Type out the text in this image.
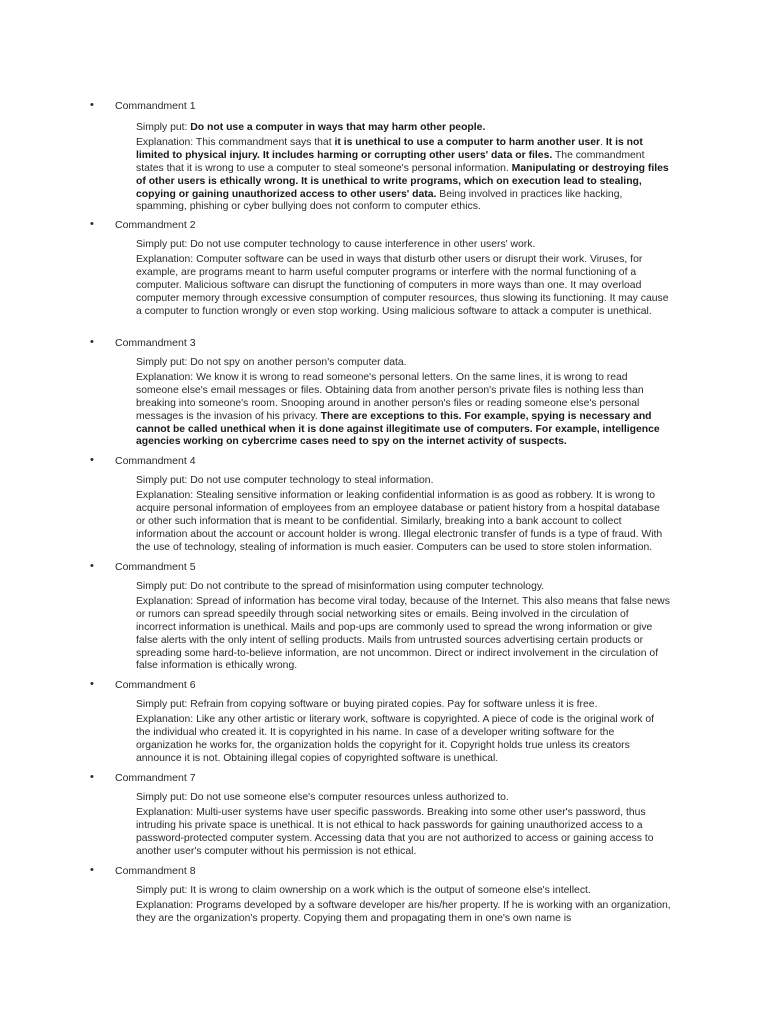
• Commandment 1

Simply put: Do not use a computer in ways that may harm other people.

Explanation: This commandment says that it is unethical to use a computer to harm another user. It is not limited to physical injury. It includes harming or corrupting other users' data or files. The commandment states that it is wrong to use a computer to steal someone's personal information. Manipulating or destroying files of other users is ethically wrong. It is unethical to write programs, which on execution lead to stealing, copying or gaining unauthorized access to other users' data. Being involved in practices like hacking, spamming, phishing or cyber bullying does not conform to computer ethics.

• Commandment 2

Simply put: Do not use computer technology to cause interference in other users' work.

Explanation: Computer software can be used in ways that disturb other users or disrupt their work. Viruses, for example, are programs meant to harm useful computer programs or interfere with the normal functioning of a computer. Malicious software can disrupt the functioning of computers in more ways than one. It may overload computer memory through excessive consumption of computer resources, thus slowing its functioning. It may cause a computer to function wrongly or even stop working. Using malicious software to attack a computer is unethical.

• Commandment 3

Simply put: Do not spy on another person's computer data.

Explanation: We know it is wrong to read someone's personal letters. On the same lines, it is wrong to read someone else's email messages or files. Obtaining data from another person's private files is nothing less than breaking into someone's room. Snooping around in another person's files or reading someone else's personal messages is the invasion of his privacy. There are exceptions to this. For example, spying is necessary and cannot be called unethical when it is done against illegitimate use of computers. For example, intelligence agencies working on cybercrime cases need to spy on the internet activity of suspects.

• Commandment 4

Simply put: Do not use computer technology to steal information.

Explanation: Stealing sensitive information or leaking confidential information is as good as robbery. It is wrong to acquire personal information of employees from an employee database or patient history from a hospital database or other such information that is meant to be confidential. Similarly, breaking into a bank account to collect information about the account or account holder is wrong. Illegal electronic transfer of funds is a type of fraud. With the use of technology, stealing of information is much easier. Computers can be used to store stolen information.

• Commandment 5

Simply put: Do not contribute to the spread of misinformation using computer technology.

Explanation: Spread of information has become viral today, because of the Internet. This also means that false news or rumors can spread speedily through social networking sites or emails. Being involved in the circulation of incorrect information is unethical. Mails and pop-ups are commonly used to spread the wrong information or give false alerts with the only intent of selling products. Mails from untrusted sources advertising certain products or spreading some hard-to-believe information, are not uncommon. Direct or indirect involvement in the circulation of false information is ethically wrong.

• Commandment 6

Simply put: Refrain from copying software or buying pirated copies. Pay for software unless it is free.

Explanation: Like any other artistic or literary work, software is copyrighted. A piece of code is the original work of the individual who created it. It is copyrighted in his name. In case of a developer writing software for the organization he works for, the organization holds the copyright for it. Copyright holds true unless its creators announce it is not. Obtaining illegal copies of copyrighted software is unethical.

• Commandment 7

Simply put: Do not use someone else's computer resources unless authorized to.

Explanation: Multi-user systems have user specific passwords. Breaking into some other user's password, thus intruding his private space is unethical. It is not ethical to hack passwords for gaining unauthorized access to a password-protected computer system. Accessing data that you are not authorized to access or gaining access to another user's computer without his permission is not ethical.

• Commandment 8

Simply put: It is wrong to claim ownership on a work which is the output of someone else's intellect.

Explanation: Programs developed by a software developer are his/her property. If he is working with an organization, they are the organization's property. Copying them and propagating them in one's own name is
